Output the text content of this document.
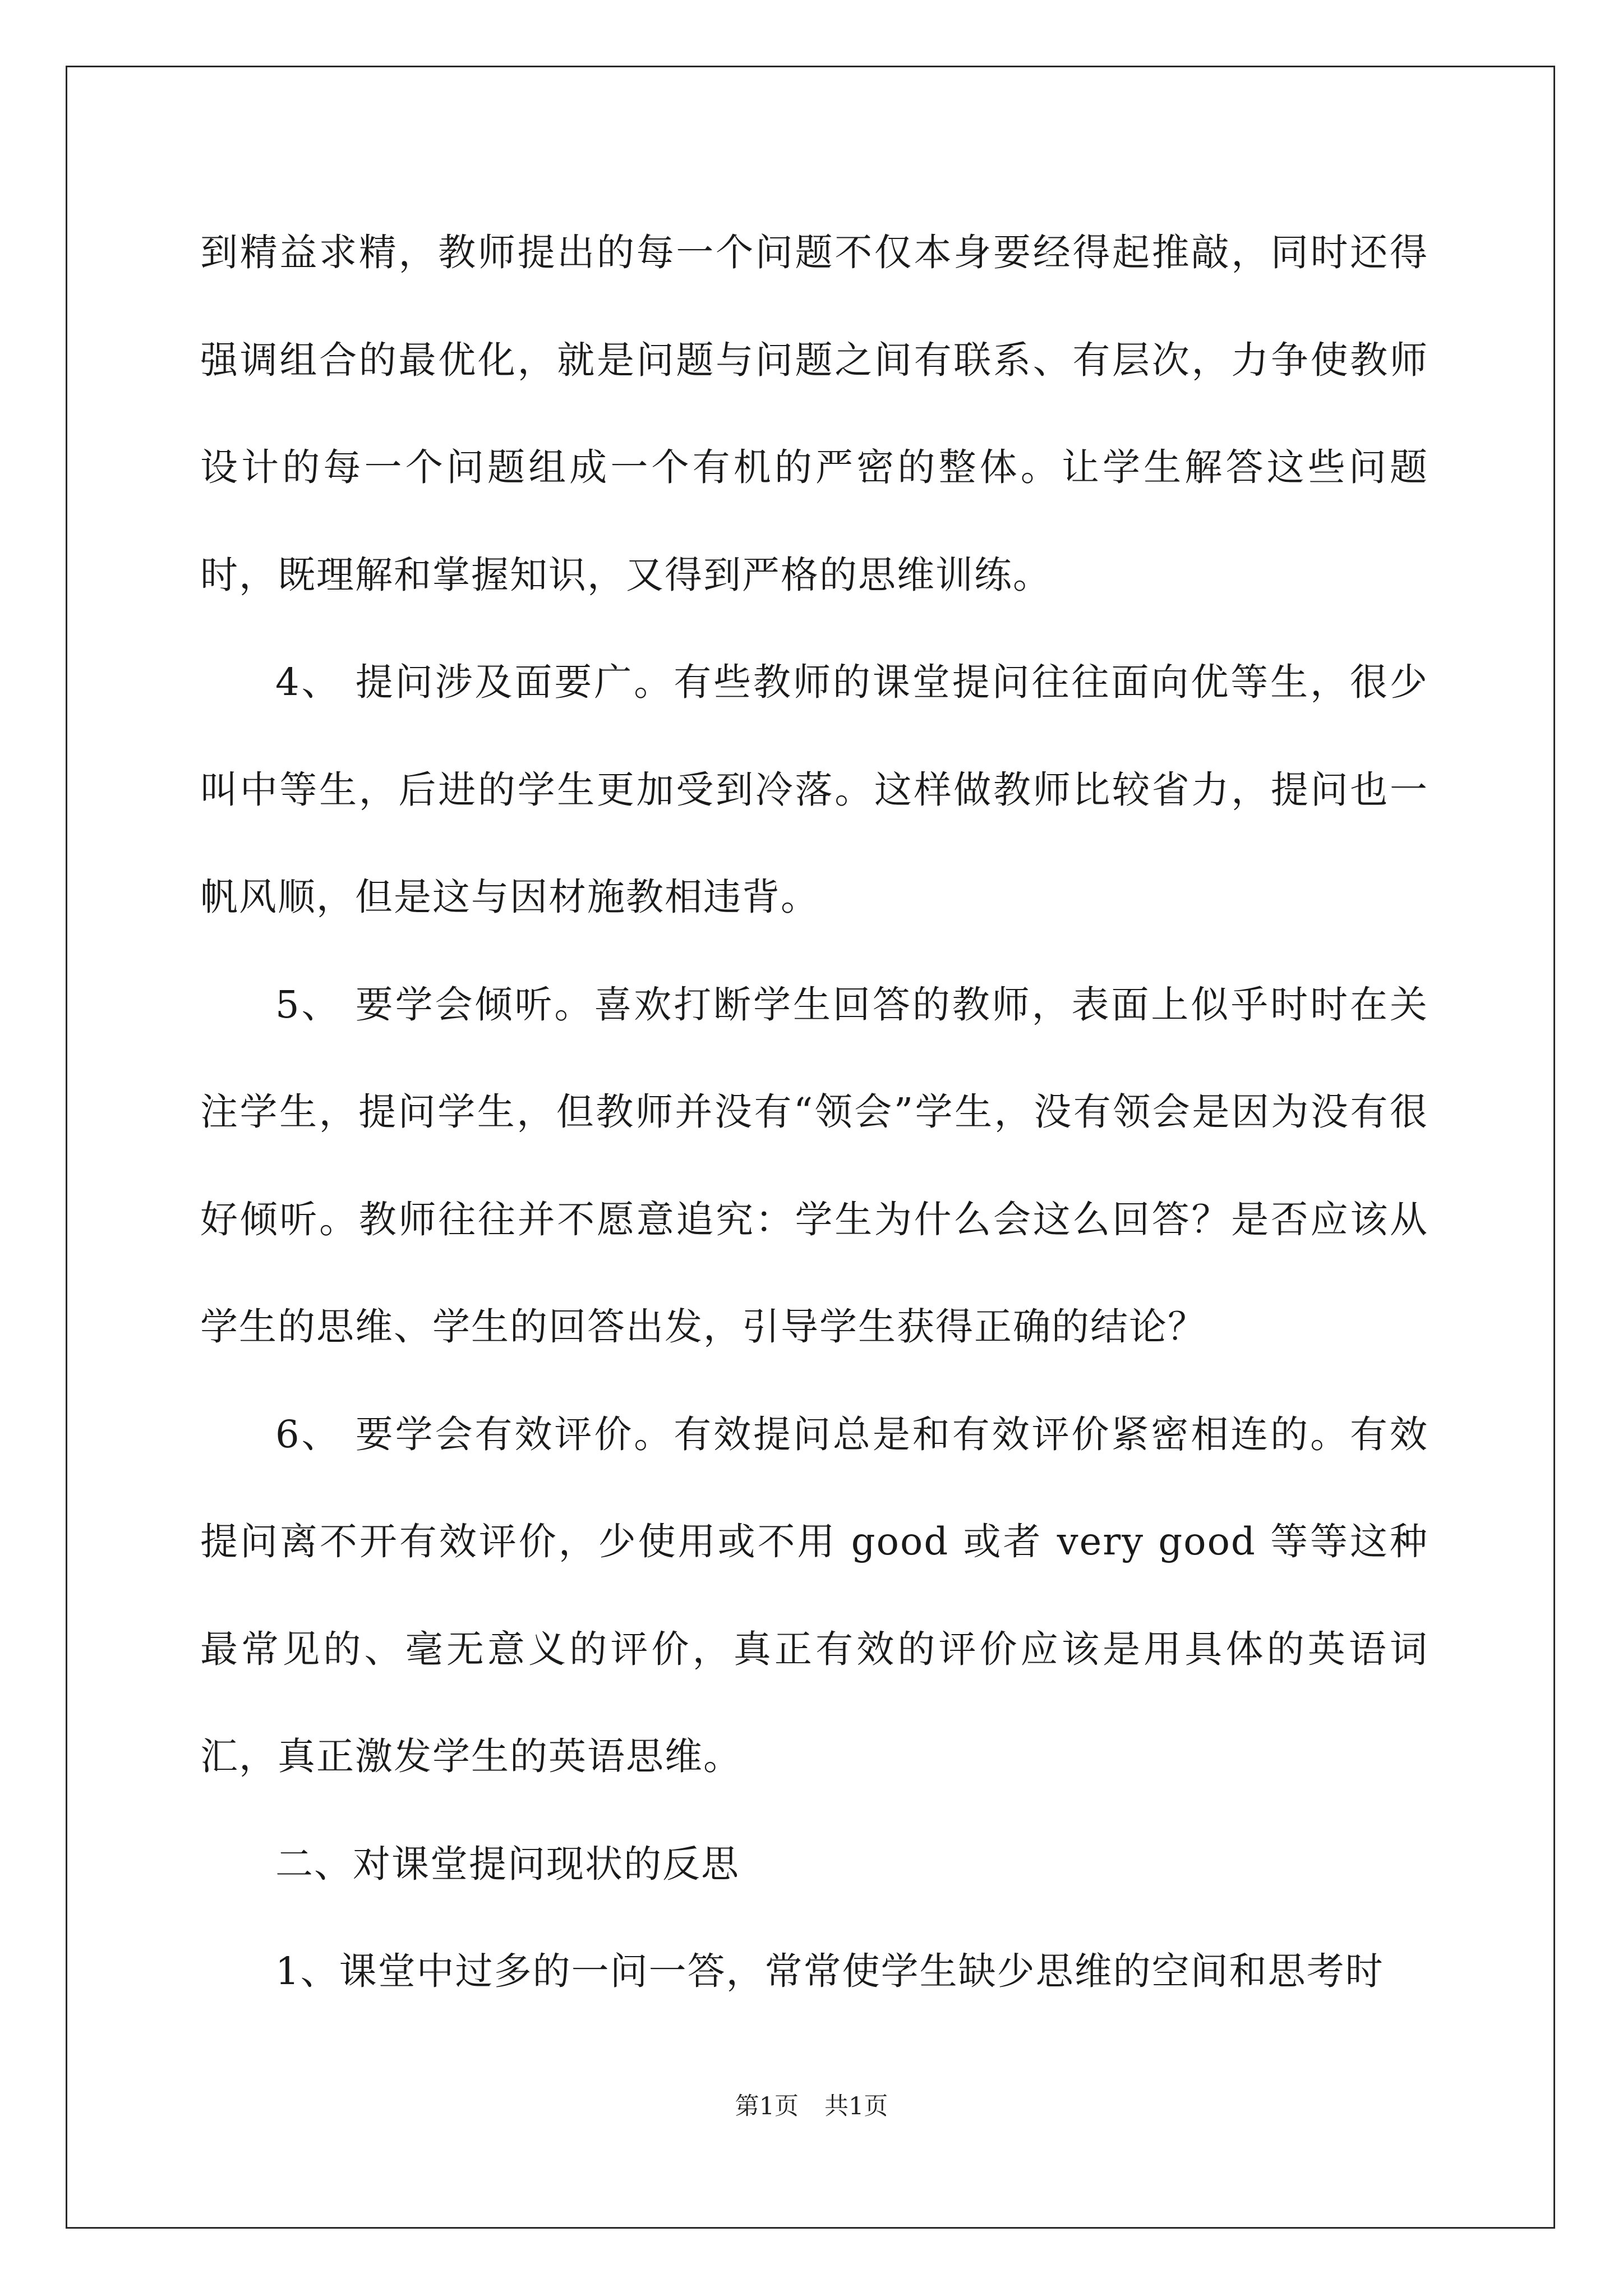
到精益求精，教师提出的每一个问题不仅本身要经得起推敲，同时还得强调组合的最优化，就是问题与问题之间有联系、有层次，力争使教师设计的每一个问题组成一个有机的严密的整体。让学生解答这些问题时，既理解和掌握知识，又得到严格的思维训练。

4、 提问涉及面要广。有些教师的课堂提问往往面向优等生，很少叫中等生，后进的学生更加受到冷落。这样做教师比较省力，提问也一帆风顺，但是这与因材施教相违背。

5、 要学会倾听。喜欢打断学生回答的教师，表面上似乎时时在关注学生，提问学生，但教师并没有“领会”学生，没有领会是因为没有很好倾听。教师往往并不愿意追究：学生为什么会这么回答？是否应该从学生的思维、学生的回答出发，引导学生获得正确的结论？

6、 要学会有效评价。有效提问总是和有效评价紧密相连的。有效提问离不开有效评价，少使用或不用 good 或者 very good 等等这种最常见的、毫无意义的评价，真正有效的评价应该是用具体的英语词汇，真正激发学生的英语思维。

二、对课堂提问现状的反思

1、课堂中过多的一问一答，常常使学生缺少思维的空间和思考时

第1页 共1页
